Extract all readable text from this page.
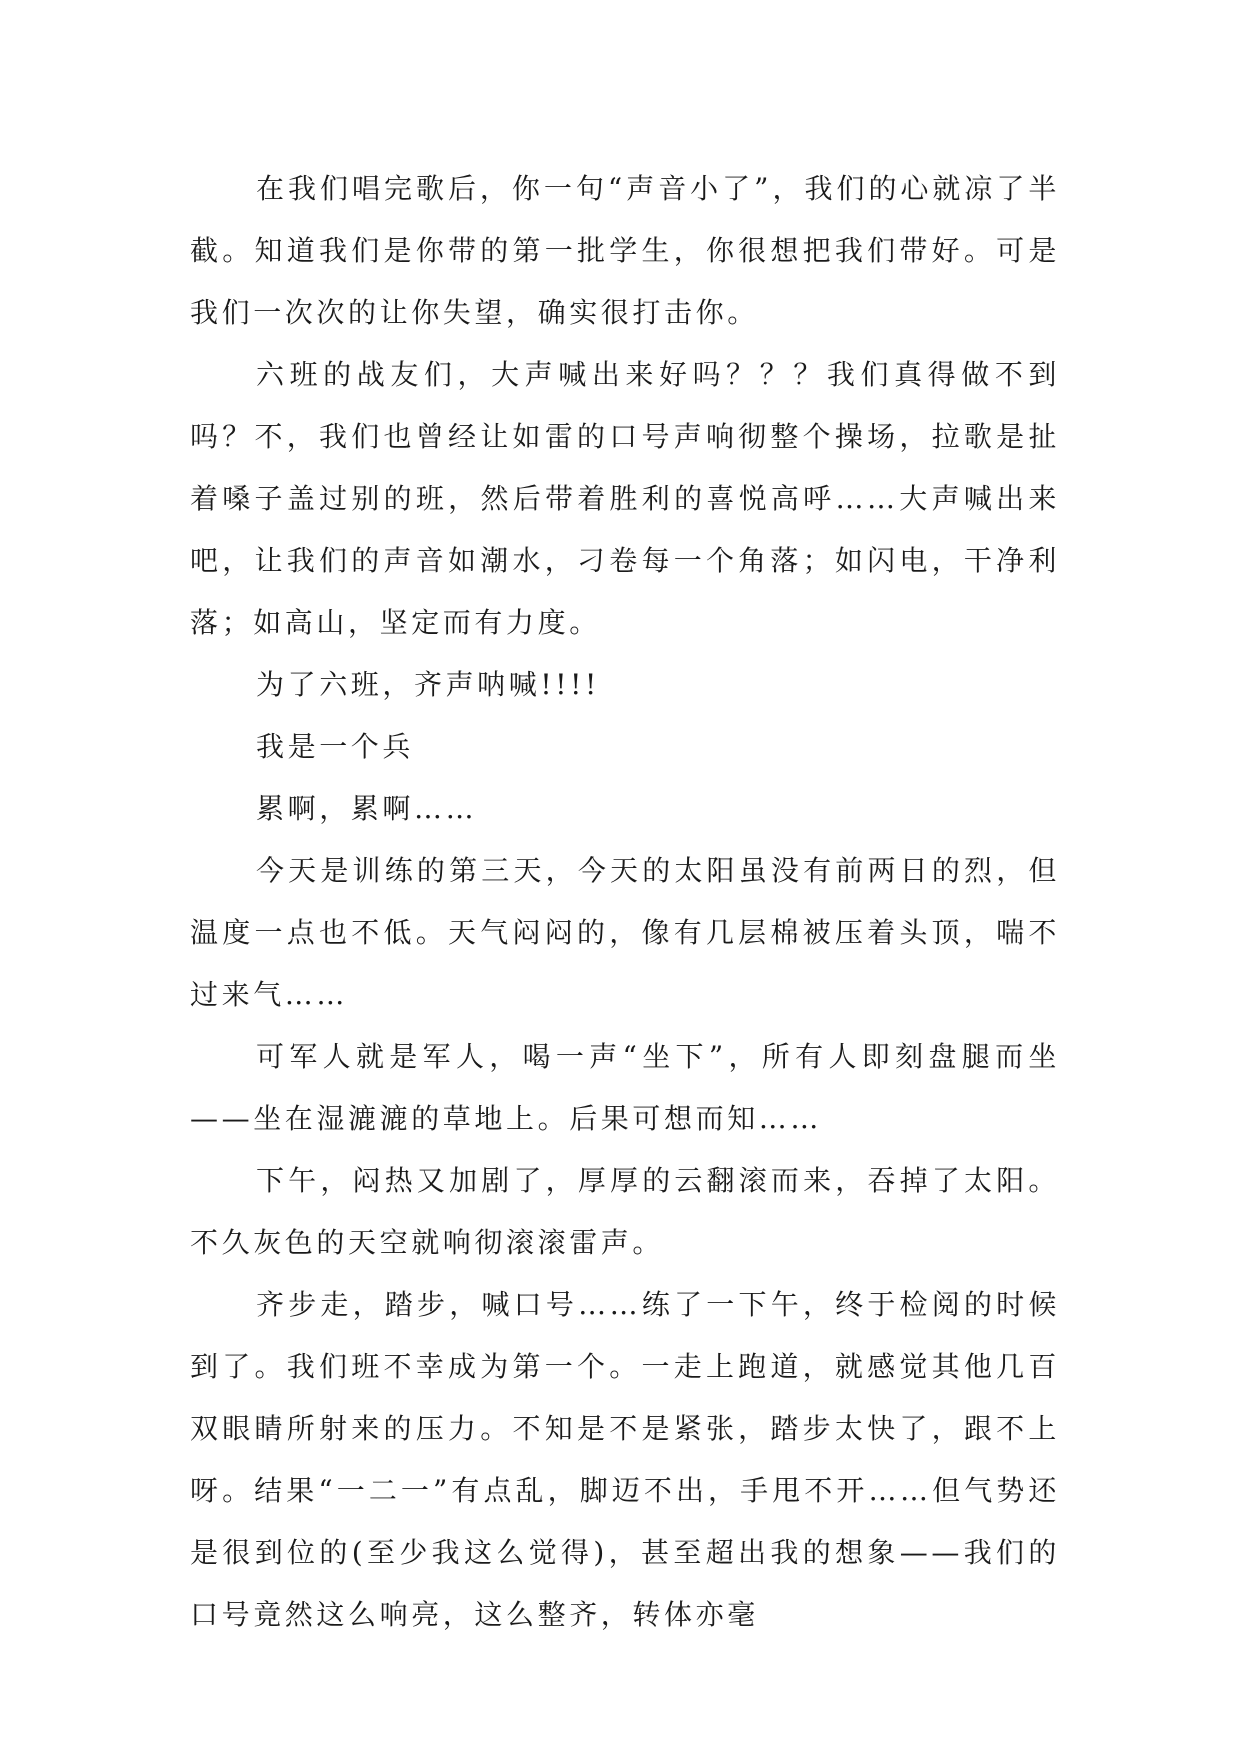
在我们唱完歌后，你一句“声音小了”，我们的心就凉了半截。知道我们是你带的第一批学生，你很想把我们带好。可是我们一次次的让你失望，确实很打击你。

六班的战友们，大声喊出来好吗？？？我们真得做不到吗？不，我们也曾经让如雷的口号声响彻整个操场，拉歌是扯着嗓子盖过别的班，然后带着胜利的喜悦高呼……大声喊出来吧，让我们的声音如潮水，刁卷每一个角落；如闪电，干净利落；如高山，坚定而有力度。

为了六班，齐声呐喊!!!!

我是一个兵

累啊，累啊……

今天是训练的第三天，今天的太阳虽没有前两日的烈，但温度一点也不低。天气闷闷的，像有几层棉被压着头顶，喘不过来气……

可军人就是军人，喝一声“坐下”，所有人即刻盘腿而坐——坐在湿漉漉的草地上。后果可想而知……

下午，闷热又加剧了，厚厚的云翻滚而来，吞掉了太阳。不久灰色的天空就响彻滚滚雷声。

齐步走，踏步，喊口号……练了一下午，终于检阅的时候到了。我们班不幸成为第一个。一走上跑道，就感觉其他几百双眼睛所射来的压力。不知是不是紧张，踏步太快了，跟不上呀。结果“一二一”有点乱，脚迈不出，手甩不开……但气势还是很到位的(至少我这么觉得)，甚至超出我的想象——我们的口号竟然这么响亮，这么整齐，转体亦毫
